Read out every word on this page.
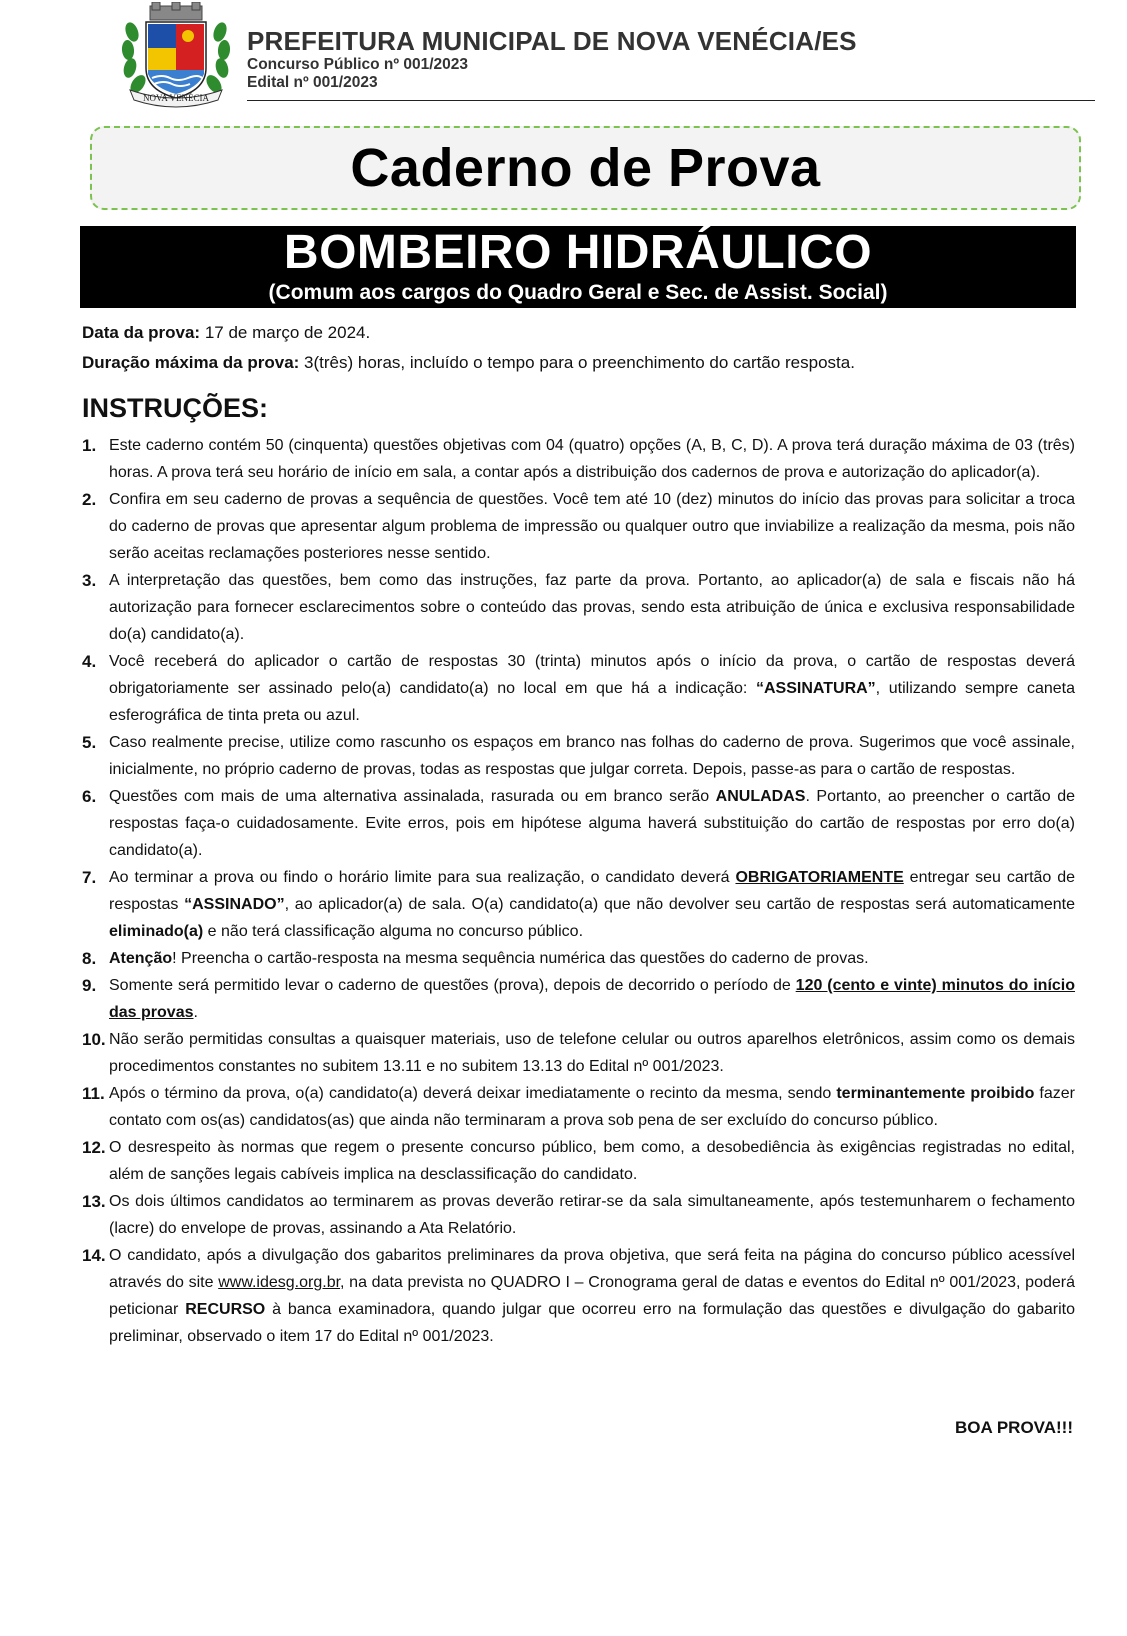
NOVA VENÉCIA
PREFEITURA MUNICIPAL DE NOVA VENÉCIA/ES
Concurso Público nº 001/2023
Edital nº 001/2023
Caderno de Prova
BOMBEIRO HIDRÁULICO
(Comum aos cargos do Quadro Geral e Sec. de Assist. Social)
Data da prova: 17 de março de 2024.
Duração máxima da prova: 3(três) horas, incluído o tempo para o preenchimento do cartão resposta.
INSTRUÇÕES:
1. Este caderno contém 50 (cinquenta) questões objetivas com 04 (quatro) opções (A, B, C, D). A prova terá duração máxima de 03 (três) horas. A prova terá seu horário de início em sala, a contar após a distribuição dos cadernos de prova e autorização do aplicador(a).
2. Confira em seu caderno de provas a sequência de questões. Você tem até 10 (dez) minutos do início das provas para solicitar a troca do caderno de provas que apresentar algum problema de impressão ou qualquer outro que inviabilize a realização da mesma, pois não serão aceitas reclamações posteriores nesse sentido.
3. A interpretação das questões, bem como das instruções, faz parte da prova. Portanto, ao aplicador(a) de sala e fiscais não há autorização para fornecer esclarecimentos sobre o conteúdo das provas, sendo esta atribuição de única e exclusiva responsabilidade do(a) candidato(a).
4. Você receberá do aplicador o cartão de respostas 30 (trinta) minutos após o início da prova, o cartão de respostas deverá obrigatoriamente ser assinado pelo(a) candidato(a) no local em que há a indicação: “ASSINATURA”, utilizando sempre caneta esferográfica de tinta preta ou azul.
5. Caso realmente precise, utilize como rascunho os espaços em branco nas folhas do caderno de prova. Sugerimos que você assinale, inicialmente, no próprio caderno de provas, todas as respostas que julgar correta. Depois, passe-as para o cartão de respostas.
6. Questões com mais de uma alternativa assinalada, rasurada ou em branco serão ANULADAS. Portanto, ao preencher o cartão de respostas faça-o cuidadosamente. Evite erros, pois em hipótese alguma haverá substituição do cartão de respostas por erro do(a) candidato(a).
7. Ao terminar a prova ou findo o horário limite para sua realização, o candidato deverá OBRIGATORIAMENTE entregar seu cartão de respostas “ASSINADO”, ao aplicador(a) de sala. O(a) candidato(a) que não devolver seu cartão de respostas será automaticamente eliminado(a) e não terá classificação alguma no concurso público.
8. Atenção! Preencha o cartão-resposta na mesma sequência numérica das questões do caderno de provas.
9. Somente será permitido levar o caderno de questões (prova), depois de decorrido o período de 120 (cento e vinte) minutos do início das provas.
10. Não serão permitidas consultas a quaisquer materiais, uso de telefone celular ou outros aparelhos eletrônicos, assim como os demais procedimentos constantes no subitem 13.11 e no subitem 13.13 do Edital nº 001/2023.
11. Após o término da prova, o(a) candidato(a) deverá deixar imediatamente o recinto da mesma, sendo terminantemente proibido fazer contato com os(as) candidatos(as) que ainda não terminaram a prova sob pena de ser excluído do concurso público.
12. O desrespeito às normas que regem o presente concurso público, bem como, a desobediência às exigências registradas no edital, além de sanções legais cabíveis implica na desclassificação do candidato.
13. Os dois últimos candidatos ao terminarem as provas deverão retirar-se da sala simultaneamente, após testemunharem o fechamento (lacre) do envelope de provas, assinando a Ata Relatório.
14. O candidato, após a divulgação dos gabaritos preliminares da prova objetiva, que será feita na página do concurso público acessível através do site www.idesg.org.br, na data prevista no QUADRO I – Cronograma geral de datas e eventos do Edital nº 001/2023, poderá peticionar RECURSO à banca examinadora, quando julgar que ocorreu erro na formulação das questões e divulgação do gabarito preliminar, observado o item 17 do Edital nº 001/2023.
BOA PROVA!!!
